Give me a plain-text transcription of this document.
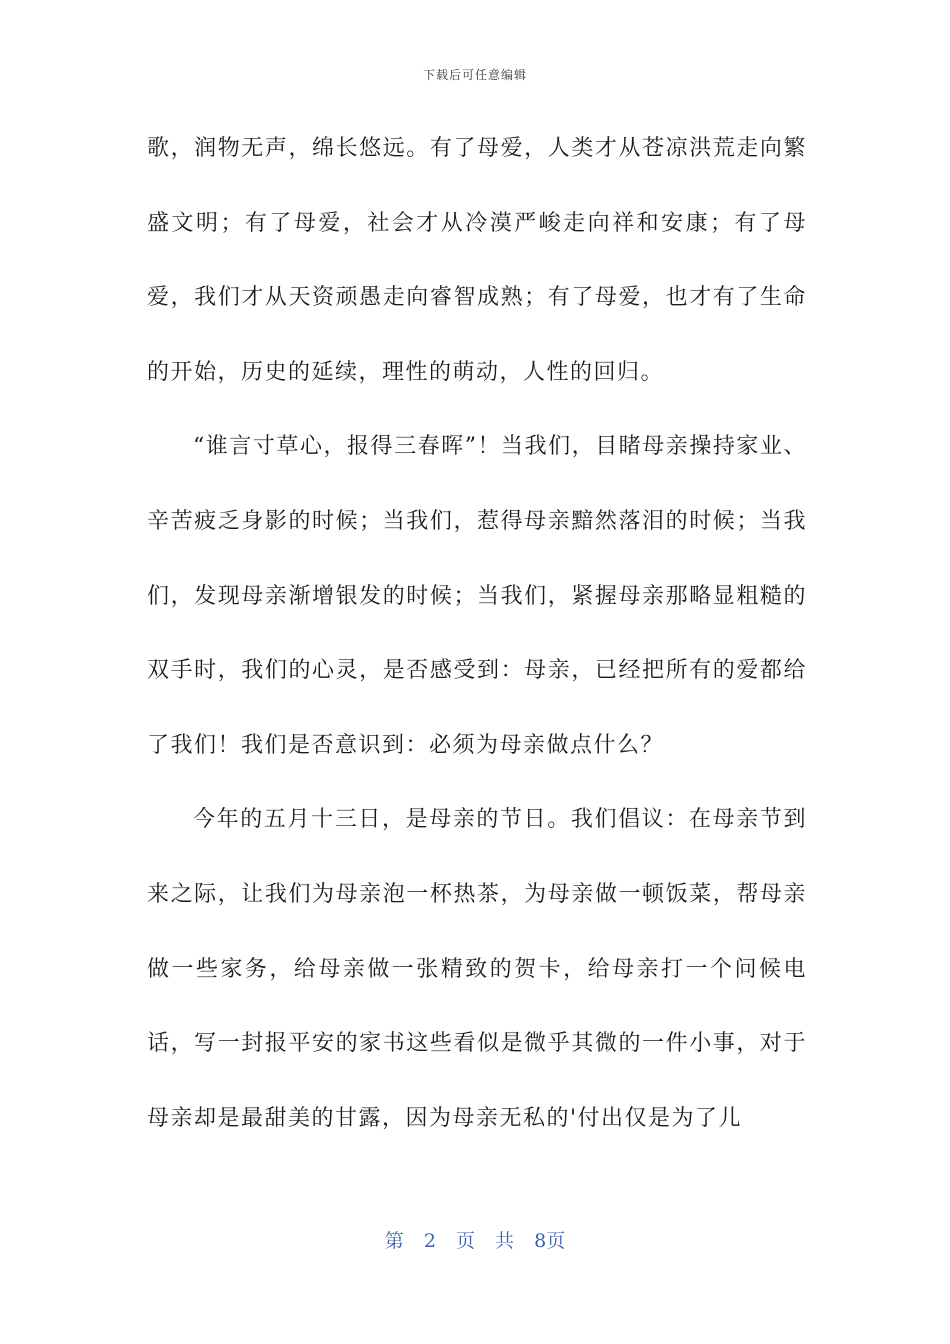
下载后可任意编辑

歌，润物无声，绵长悠远。有了母爱，人类才从苍凉洪荒走向繁盛文明；有了母爱，社会才从冷漠严峻走向祥和安康；有了母爱，我们才从天资顽愚走向睿智成熟；有了母爱，也才有了生命的开始，历史的延续，理性的萌动，人性的回归。

“谁言寸草心，报得三春晖”！当我们，目睹母亲操持家业、辛苦疲乏身影的时候；当我们，惹得母亲黯然落泪的时候；当我们，发现母亲渐增银发的时候；当我们，紧握母亲那略显粗糙的双手时，我们的心灵，是否感受到：母亲，已经把所有的爱都给了我们！我们是否意识到：必须为母亲做点什么？

今年的五月十三日，是母亲的节日。我们倡议：在母亲节到来之际，让我们为母亲泡一杯热茶，为母亲做一顿饭菜，帮母亲做一些家务，给母亲做一张精致的贺卡，给母亲打一个问候电话，写一封报平安的家书这些看似是微乎其微的一件小事，对于母亲却是最甜美的甘露，因为母亲无私的'付出仅是为了儿

第 2 页 共 8页
